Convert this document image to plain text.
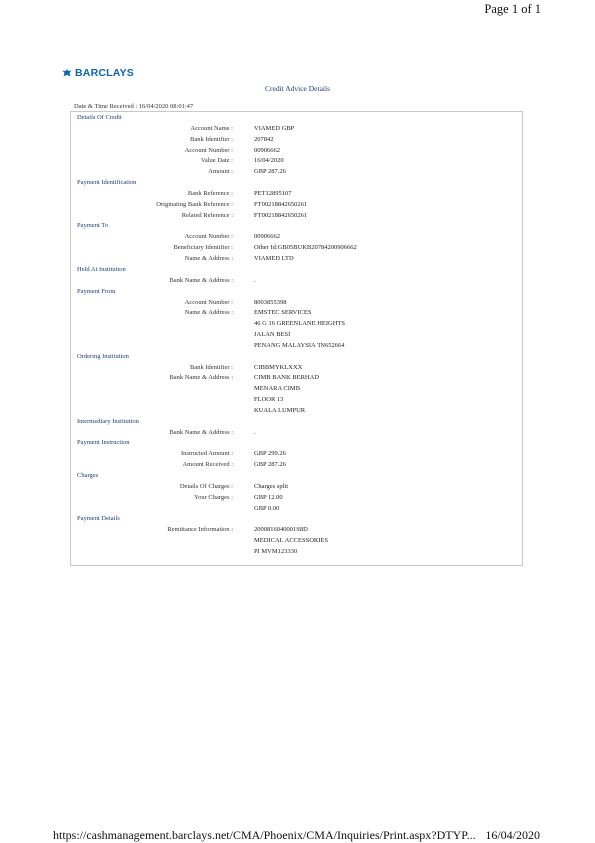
Page 1 of 1
BARCLAYS
Credit Advice Details
Date & Time Received : 16/04/2020 08:01:47
Details Of Credit
Account Name :	VIAMED GBP
Bank Identifier :	207842
Account Number :	00906662
Value Date :	16/04/2020
Amount :	GBP 287.26
Payment Identification
Bank Reference :	PET12895107
Originating Bank Reference :	FT00218842650261
Related Reference :	FT00218842650261
Payment To
Account Number :	00906662
Beneficiary Identifier :	Other Id:GB05BUKB20784200906662
Name & Address :	VIAMED LTD
Held At Institution
Bank Name & Address :	.
Payment From
Account Number :	8003855398
Name & Address :	EMSTEC SERVICES
46 G 16 GREENLANE HEIGHTS
JALAN BESI
PENANG MALAYSIA 'IN652664
Ordering Institution
Bank Identifier :	CIBBMYKLXXX
Bank Name & Address :	CIMB BANK BERHAD
MENARA CIMB
FLOOR 13
KUALA LUMPUR
Intermediary Institution
Bank Name & Address :	.
Payment Instruction
Instructed Amount :	GBP 299.26
Amount Received :	GBP 287.26
Charges
Details Of Charges :	Charges split
Your Charges :	GBP 12.00
GBP 0.00
Payment Details
Remittance Information :	2000816040001S8D
MEDICAL ACCESSORIES
PI MVM123330
https://cashmanagement.barclays.net/CMA/Phoenix/CMA/Inquiries/Print.aspx?DTYP... 16/04/2020
